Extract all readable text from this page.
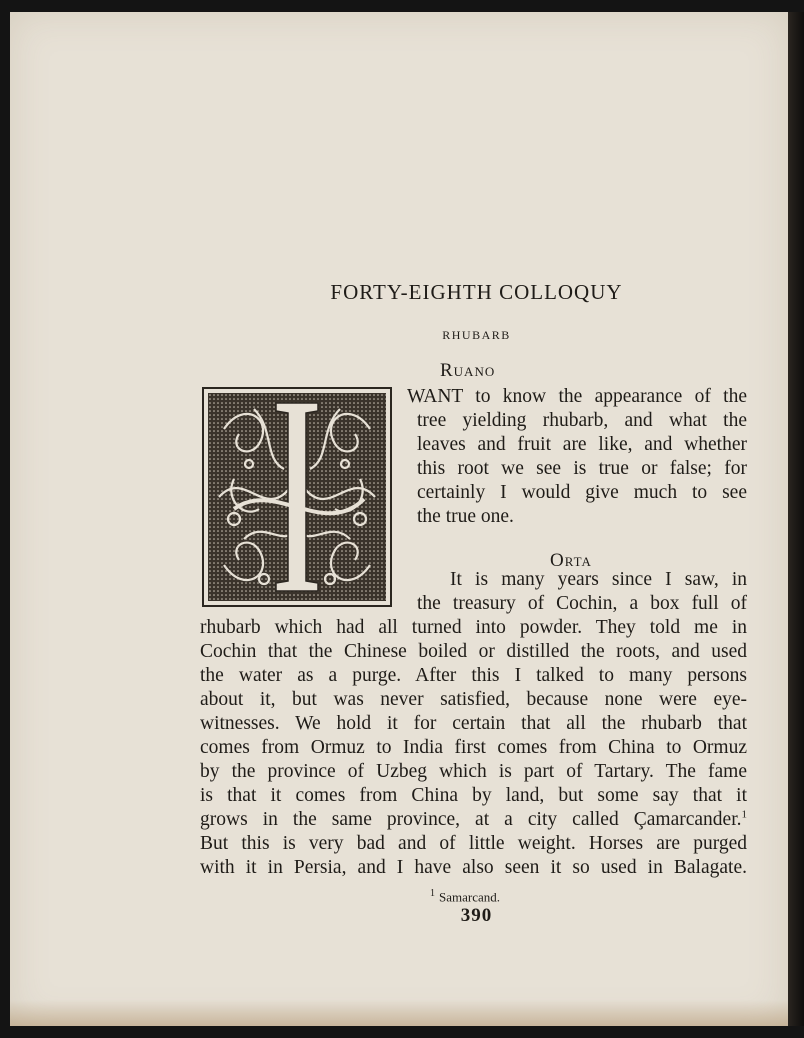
FORTY-EIGHTH COLLOQUY
RHUBARB
Ruano
WANT to know the appearance of the
tree yielding rhubarb, and what the
leaves and fruit are like, and whether
this root we see is true or false; for
certainly I would give much to see
the true one.
Orta
It is many years since I saw, in
the treasury of Cochin, a box full of
rhubarb which had all turned into powder. They told me in
Cochin that the Chinese boiled or distilled the roots, and used
the water as a purge. After this I talked to many persons
about it, but was never satisfied, because none were eye-
witnesses. We hold it for certain that all the rhubarb that
comes from Ormuz to India first comes from China to Ormuz
by the province of Uzbeg which is part of Tartary. The fame
is that it comes from China by land, but some say that it
grows in the same province, at a city called Çamarcander.$^1$
But this is very bad and of little weight. Horses are purged
with it in Persia, and I have also seen it so used in Balagate.
$^1$ Samarcand.
390
